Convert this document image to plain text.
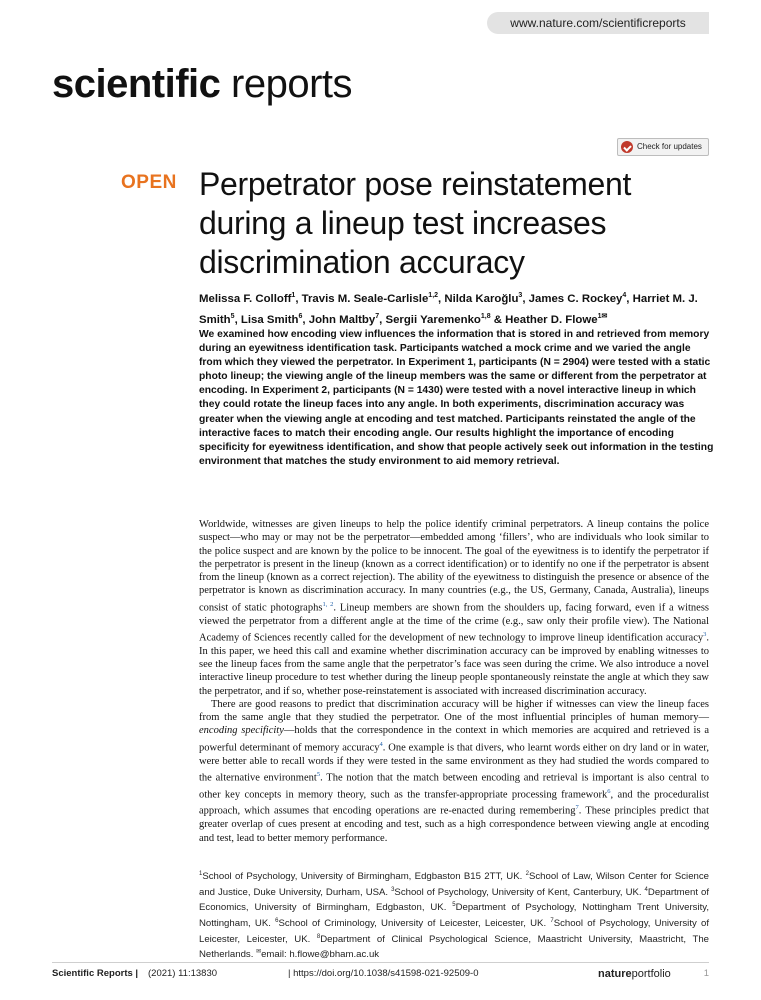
www.nature.com/scientificreports
scientific reports
Check for updates
OPEN Perpetrator pose reinstatement during a lineup test increases discrimination accuracy
Melissa F. Colloff$^1$, Travis M. Seale-Carlisle$^{1,2}$, Nilda Karoğlu$^3$, James C. Rockey$^4$, Harriet M. J. Smith$^5$, Lisa Smith$^6$, John Maltby$^7$, Sergii Yaremenko$^{1,8}$ & Heather D. Flowe$^{1✉}$

We examined how encoding view influences the information that is stored in and retrieved from memory during an eyewitness identification task. Participants watched a mock crime and we varied the angle from which they viewed the perpetrator. In Experiment 1, participants (N = 2904) were tested with a static photo lineup; the viewing angle of the lineup members was the same or different from the perpetrator at encoding. In Experiment 2, participants (N = 1430) were tested with a novel interactive lineup in which they could rotate the lineup faces into any angle. In both experiments, discrimination accuracy was greater when the viewing angle at encoding and test matched. Participants reinstated the angle of the interactive faces to match their encoding angle. Our results highlight the importance of encoding specificity for eyewitness identification, and show that people actively seek out information in the testing environment that matches the study environment to aid memory retrieval.

Worldwide, witnesses are given lineups to help the police identify criminal perpetrators. A lineup contains the police suspect—who may or may not be the perpetrator—embedded among ‘fillers’, who are individuals who look similar to the police suspect and are known by the police to be innocent. The goal of the eyewitness is to identify the perpetrator if the perpetrator is present in the lineup (known as a correct identification) or to identify no one if the perpetrator is absent from the lineup (known as a correct rejection). The ability of the eyewitness to distinguish the presence or absence of the perpetrator is known as discrimination accuracy. In many countries (e.g., the US, Germany, Canada, Australia), lineups consist of static photographs$^{1, 2}$. Lineup members are shown from the shoulders up, facing forward, even if a witness viewed the perpetrator from a different angle at the time of the crime (e.g., saw only their profile view). The National Academy of Sciences recently called for the development of new technology to improve lineup identification accuracy$^3$. In this paper, we heed this call and examine whether discrimination accuracy can be improved by enabling witnesses to see the lineup faces from the same angle that the perpetrator’s face was seen during the crime. We also introduce a novel interactive lineup procedure to test whether during the lineup people spontaneously reinstate the angle at which they saw the perpetrator, and if so, whether pose-reinstatement is associated with increased discrimination accuracy.

There are good reasons to predict that discrimination accuracy will be higher if witnesses can view the lineup faces from the same angle that they studied the perpetrator. One of the most influential principles of human memory—encoding specificity—holds that the correspondence in the context in which memories are acquired and retrieved is a powerful determinant of memory accuracy$^4$. One example is that divers, who learnt words either on dry land or in water, were better able to recall words if they were tested in the same environment as they had studied the words compared to the alternative environment$^5$. The notion that the match between encoding and retrieval is important is also central to other key concepts in memory theory, such as the transfer-appropriate processing framework$^6$, and the proceduralist approach, which assumes that encoding operations are re-enacted during remembering$^7$. These principles predict that greater overlap of cues present at encoding and test, such as a high correspondence between viewing angle at encoding and test, lead to better memory performance.

$^1$School of Psychology, University of Birmingham, Edgbaston B15 2TT, UK. $^2$School of Law, Wilson Center for Science and Justice, Duke University, Durham, USA. $^3$School of Psychology, University of Kent, Canterbury, UK. $^4$Department of Economics, University of Birmingham, Edgbaston, UK. $^5$Department of Psychology, Nottingham Trent University, Nottingham, UK. $^6$School of Criminology, University of Leicester, Leicester, UK. $^7$School of Psychology, University of Leicester, Leicester, UK. $^8$Department of Clinical Psychological Science, Maastricht University, Maastricht, The Netherlands. ✉email: h.flowe@bham.ac.uk
Scientific Reports | (2021) 11:13830	| https://doi.org/10.1038/s41598-021-92509-0	natureportfolio	1
